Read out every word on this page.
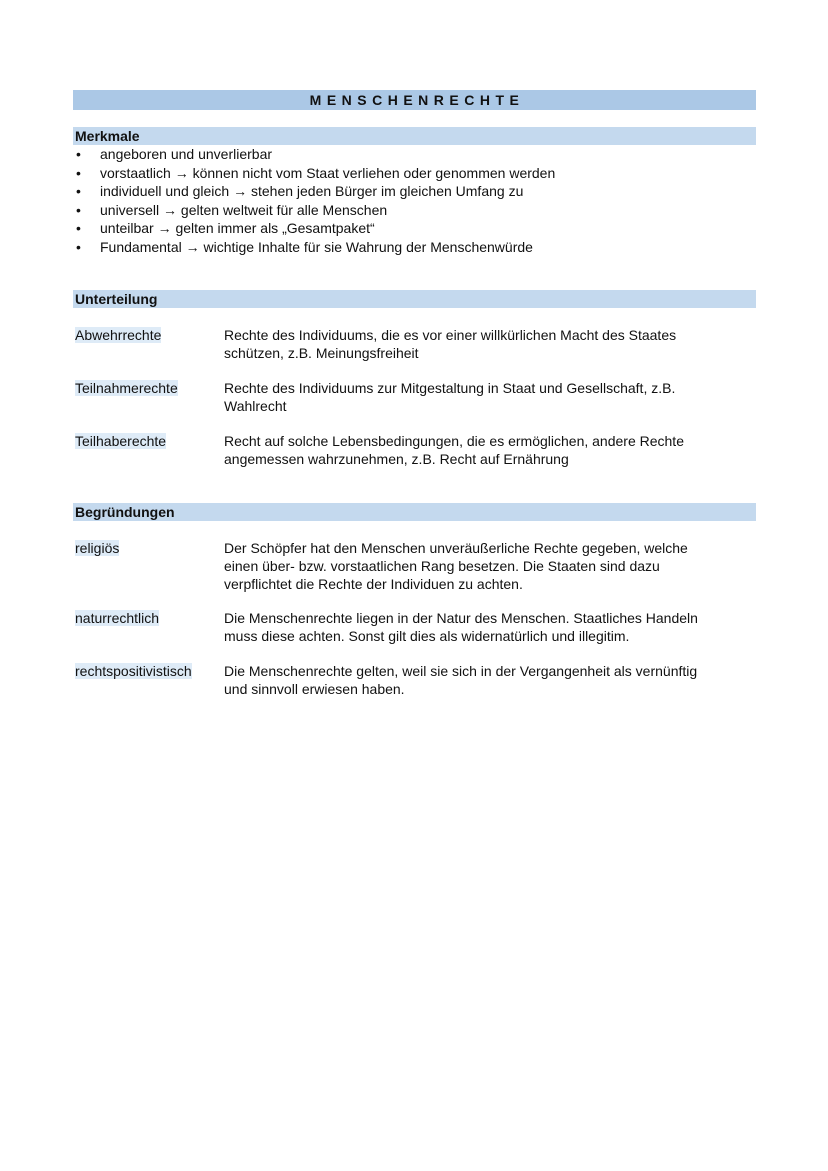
MENSCHENRECHTE
Merkmale
• angeboren und unverlierbar
• vorstaatlich → können nicht vom Staat verliehen oder genommen werden
• individuell und gleich → stehen jeden Bürger im gleichen Umfang zu
• universell → gelten weltweit für alle Menschen
• unteilbar → gelten immer als „Gesamtpaket“
• Fundamental → wichtige Inhalte für sie Wahrung der Menschenwürde
Unterteilung
Abwehrrechte	Rechte des Individuums, die es vor einer willkürlichen Macht des Staates
schützen, z.B. Meinungsfreiheit
Teilnahmerechte	Rechte des Individuums zur Mitgestaltung in Staat und Gesellschaft, z.B.
Wahlrecht
Teilhaberechte	Recht auf solche Lebensbedingungen, die es ermöglichen, andere Rechte
angemessen wahrzunehmen, z.B. Recht auf Ernährung
Begründungen
religiös	Der Schöpfer hat den Menschen unveräußerliche Rechte gegeben, welche
einen über- bzw. vorstaatlichen Rang besetzen. Die Staaten sind dazu
verpflichtet die Rechte der Individuen zu achten.
naturrechtlich	Die Menschenrechte liegen in der Natur des Menschen. Staatliches Handeln
muss diese achten. Sonst gilt dies als widernatürlich und illegitim.
rechtspositivistisch	Die Menschenrechte gelten, weil sie sich in der Vergangenheit als vernünftig
und sinnvoll erwiesen haben.
